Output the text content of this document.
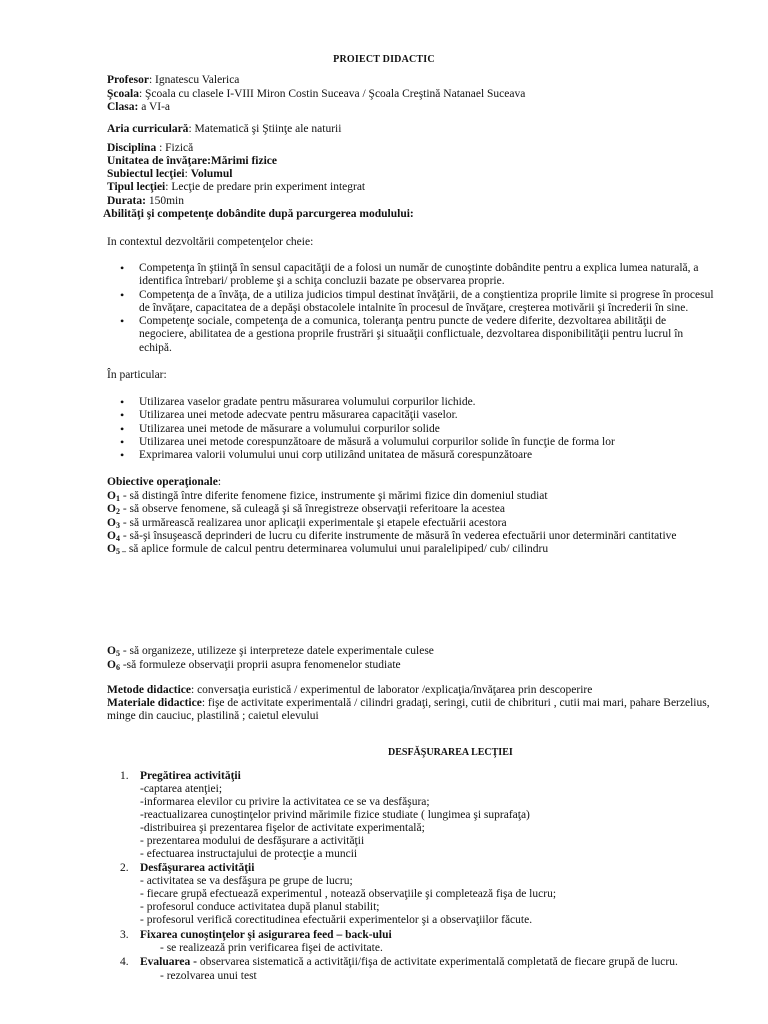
PROIECT DIDACTIC
Profesor: Ignatescu Valerica
Şcoala: Şcoala cu clasele I-VIII Miron Costin Suceava / Şcoala Creştină Natanael Suceava
Clasa: a VI-a
Aria curriculară: Matematică şi Ştiinţe ale naturii
Disciplina : Fizică
Unitatea de învăţare:Mărimi fizice
Subiectul lecţiei: Volumul
Tipul lecţiei: Lecţie de predare prin experiment integrat
Durata: 150min
Abilităţi şi competenţe dobândite după parcurgerea modulului:
In contextul dezvoltării competenţelor cheie:
• Competenţa în ştiinţă în sensul capacităţii de a folosi un număr de cunoştinte dobândite pentru a explica lumea naturală, a
identifica întrebari/ probleme şi a schiţa concluzii bazate pe observarea proprie.
• Competenţa de a învăţa, de a utiliza judicios timpul destinat învăţării, de a conştientiza proprile limite si progrese în procesul
de învăţare, capacitatea de a depăşi obstacolele intalnite în procesul de învăţare, creşterea motivării şi încrederii în sine.
• Competenţe sociale, competenţa de a comunica, toleranţa pentru puncte de vedere diferite, dezvoltarea abilităţii de
negociere, abilitatea de a gestiona proprile frustrări şi situaăţii conflictuale, dezvoltarea disponibilităţii pentru lucrul în
echipă.
În particular:
• Utilizarea vaselor gradate pentru măsurarea volumului corpurilor lichide.
• Utilizarea unei metode adecvate pentru măsurarea capacităţii vaselor.
• Utilizarea unei metode de măsurare a volumului corpurilor solide
• Utilizarea unei metode corespunzătoare de măsură a volumului corpurilor solide în funcţie de forma lor
• Exprimarea valorii volumului unui corp utilizând unitatea de măsură corespunzătoare
Obiective operaţionale:
$O_1$ - să distingă între diferite fenomene fizice, instrumente şi mărimi fizice din domeniul studiat
$O_2$ - să observe fenomene, să culeagă şi să înregistreze observaţii referitoare la acestea
$O_3$ - să urmărească realizarea unor aplicaţii experimentale şi etapele efectuării acestora
$O_4$ - să-şi însuşească deprinderi de lucru cu diferite instrumente de măsură în vederea efectuării unor determinări cantitative
$O_{5 -}$ să aplice formule de calcul pentru determinarea volumului unui paralelipiped/ cub/ cilindru
$O_5$ - să organizeze, utilizeze şi interpreteze datele experimentale culese
$O_6$ -să formuleze observaţii proprii asupra fenomenelor studiate
Metode didactice: conversaţia euristică / experimentul de laborator /explicaţia/învăţarea prin descoperire
Materiale didactice: fişe de activitate experimentală / cilindri gradaţi, seringi, cutii de chibrituri , cutii mai mari, pahare Berzelius,
minge din cauciuc, plastilină ; caietul elevului
DESFĂŞURAREA LECŢIEI
1. Pregătirea activităţii
-captarea atenţiei;
-informarea elevilor cu privire la activitatea ce se va desfăşura;
-reactualizarea cunoştinţelor privind mărimile fizice studiate ( lungimea şi suprafaţa)
-distribuirea şi prezentarea fişelor de activitate experimentală;
- prezentarea modului de desfăşurare a activităţii
- efectuarea instructajului de protecţie a muncii
2. Desfăşurarea activităţii
- activitatea se va desfăşura pe grupe de lucru;
- fiecare grupă efectuează experimentul , notează observaţiile şi completează fişa de lucru;
- profesorul conduce activitatea după planul stabilit;
- profesorul verifică corectitudinea efectuării experimentelor şi a observaţiilor făcute.
3. Fixarea cunoştinţelor şi asigurarea feed – back-ului
- se realizează prin verificarea fişei de activitate.
4. Evaluarea - observarea sistematică a activităţii/fişa de activitate experimentală completată de fiecare grupă de lucru.
- rezolvarea unui test
